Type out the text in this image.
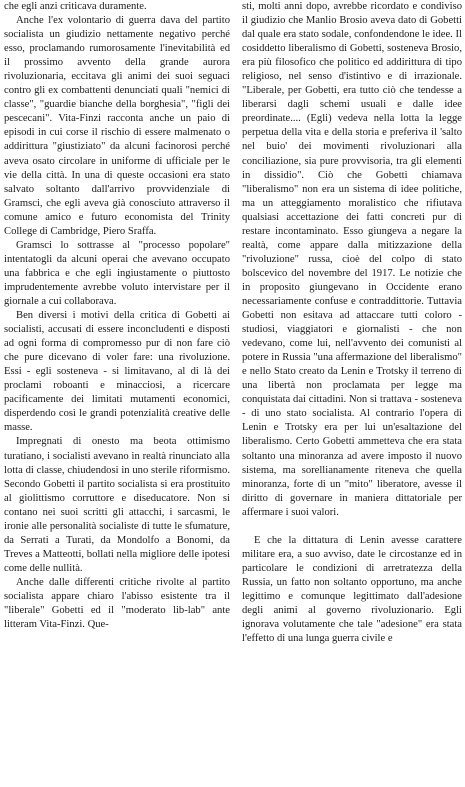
che egli anzi criticava duramente.

Anche l'ex volontario di guerra dava del partito socialista un giudizio nettamente negativo perché esso, proclamando rumorosamente l'inevitabilità ed il prossimo avvento della grande aurora rivoluzionaria, eccitava gli animi dei suoi seguaci contro gli ex combattenti denunciati quali "nemici di classe", "guardie bianche della borghesia", "figli dei pescecani". Vita-Finzi racconta anche un paio di episodi in cui corse il rischio di essere malmenato o addirittura "giustiziato" da alcuni facinorosi perché aveva osato circolare in uniforme di ufficiale per le vie della città. In una di queste occasioni era stato salvato soltanto dall'arrivo provvidenziale di Gramsci, che egli aveva già conosciuto attraverso il comune amico e futuro economista del Trinity College di Cambridge, Piero Sraffa.

Gramsci lo sottrasse al "processo popolare" intentatogli da alcuni operai che avevano occupato una fabbrica e che egli ingiustamente o piuttosto imprudentemente avrebbe voluto intervistare per il giornale a cui collaborava.

Ben diversi i motivi della critica di Gobetti ai socialisti, accusati di essere inconcludenti e disposti ad ogni forma di compromesso pur di non fare ciò che pure dicevano di voler fare: una rivoluzione. Essi - egli sosteneva - si limitavano, al di là dei proclami roboanti e minacciosi, a ricercare pacificamente dei limitati mutamenti economici, disperdendo così le grandi potenzialità creative delle masse.

Impregnati di onesto ma beota ottimismo turatiano, i socialisti avevano in realtà rinunciato alla lotta di classe, chiudendosi in uno sterile riformismo. Secondo Gobetti il partito socialista si era prostituito al giolittismo corruttore e diseducatore. Non si contano nei suoi scritti gli attacchi, i sarcasmi, le ironie alle personalità socialiste di tutte le sfumature, da Serrati a Turati, da Mondolfo a Bonomi, da Treves a Matteotti, bollati nella migliore delle ipotesi come delle nullità.

Anche dalle differenti critiche rivolte al partito socialista appare chiaro l'abisso esistente tra il "liberale" Gobetti ed il "moderato lib-lab" ante litteram Vita-Finzi. Que-

sti, molti anni dopo, avrebbe ricordato e condiviso il giudizio che Manlio Brosio aveva dato di Gobetti dal quale era stato sodale, confondendone le idee. Il cosiddetto liberalismo di Gobetti, sosteneva Brosio, era più filosofico che politico ed addirittura di tipo religioso, nel senso d'istintivo e di irrazionale. "Liberale, per Gobetti, era tutto ciò che tendesse a liberarsi dagli schemi usuali e dalle idee preordinate.... (Egli) vedeva nella lotta la legge perpetua della vita e della storia e preferiva il 'salto nel buio' dei movimenti rivoluzionari alla conciliazione, sia pure provvisoria, tra gli elementi in dissidio". Ciò che Gobetti chiamava "liberalismo" non era un sistema di idee politiche, ma un atteggiamento moralistico che rifiutava qualsiasi accettazione dei fatti concreti pur di restare incontaminato. Esso giungeva a negare la realtà, come appare dalla mitizzazione della "rivoluzione" russa, cioè del colpo di stato bolscevico del novembre del 1917. Le notizie che in proposito giungevano in Occidente erano necessariamente confuse e contraddittorie. Tuttavia Gobetti non esitava ad attaccare tutti coloro - studiosi, viaggiatori e giornalisti - che non vedevano, come lui, nell'avvento dei comunisti al potere in Russia "una affermazione del liberalismo" e nello Stato creato da Lenin e Trotsky il terreno di una libertà non proclamata per legge ma conquistata dai cittadini. Non si trattava - sosteneva - di uno stato socialista. Al contrario l'opera di Lenin e Trotsky era per lui un'esaltazione del liberalismo. Certo Gobetti ammetteva che era stata soltanto una minoranza ad avere imposto il nuovo sistema, ma sorellianamente riteneva che quella minoranza, forte di un "mito" liberatore, avesse il diritto di governare in maniera dittatoriale per affermare i suoi valori.

E che la dittatura di Lenin avesse carattere militare era, a suo avviso, date le circostanze ed in particolare le condizioni di arretratezza della Russia, un fatto non soltanto opportuno, ma anche legittimo e comunque legittimato dall'adesione degli animi al governo rivoluzionario. Egli ignorava volutamente che tale "adesione" era stata l'effetto di una lunga guerra civile e
